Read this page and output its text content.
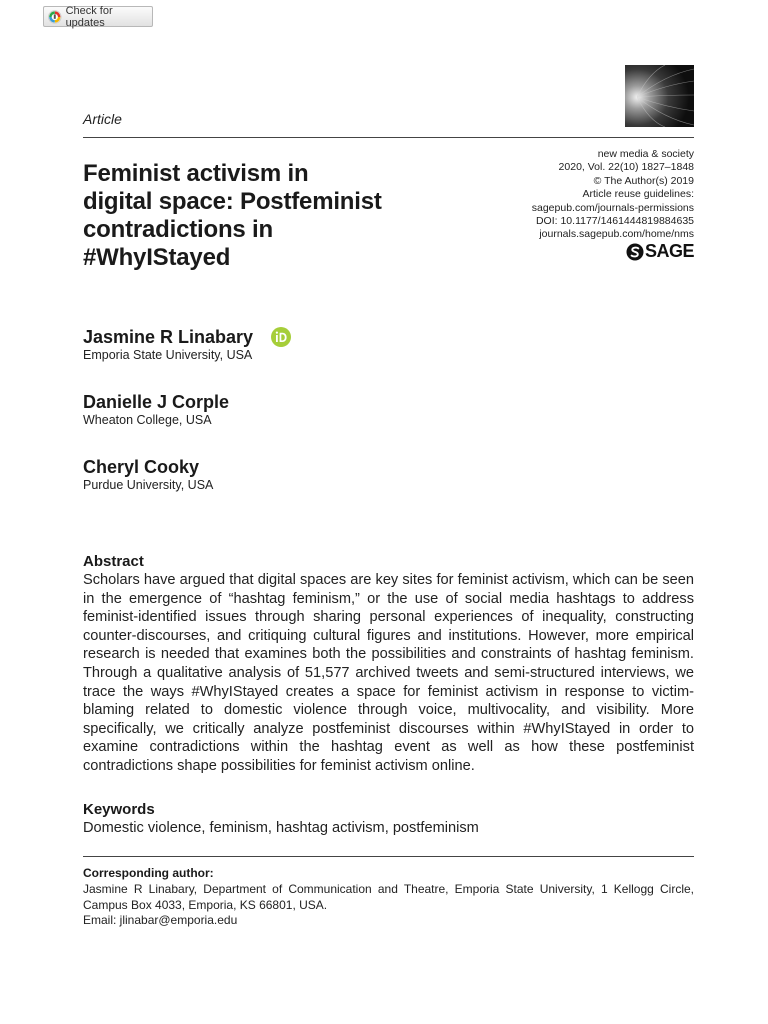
Check for updates
Article
new media & society
2020, Vol. 22(10) 1827–1848
© The Author(s) 2019
Article reuse guidelines:
sagepub.com/journals-permissions
DOI: 10.1177/1461444819884635
journals.sagepub.com/home/nms
SAGE
Feminist activism in
digital space: Postfeminist
contradictions in
#WhyIStayed
Jasmine R Linabary
Emporia State University, USA
Danielle J Corple
Wheaton College, USA
Cheryl Cooky
Purdue University, USA
Abstract
Scholars have argued that digital spaces are key sites for feminist activism, which can be seen in the emergence of “hashtag feminism,” or the use of social media hashtags to address feminist-identified issues through sharing personal experiences of inequality, constructing counter-discourses, and critiquing cultural figures and institutions. However, more empirical research is needed that examines both the possibilities and constraints of hashtag feminism. Through a qualitative analysis of 51,577 archived tweets and semi-structured interviews, we trace the ways #WhyIStayed creates a space for feminist activism in response to victim-blaming related to domestic violence through voice, multivocality, and visibility. More specifically, we critically analyze postfeminist discourses within #WhyIStayed in order to examine contradictions within the hashtag event as well as how these postfeminist contradictions shape possibilities for feminist activism online.
Keywords
Domestic violence, feminism, hashtag activism, postfeminism
Corresponding author:
Jasmine R Linabary, Department of Communication and Theatre, Emporia State University, 1 Kellogg Circle, Campus Box 4033, Emporia, KS 66801, USA.
Email: jlinabar@emporia.edu
